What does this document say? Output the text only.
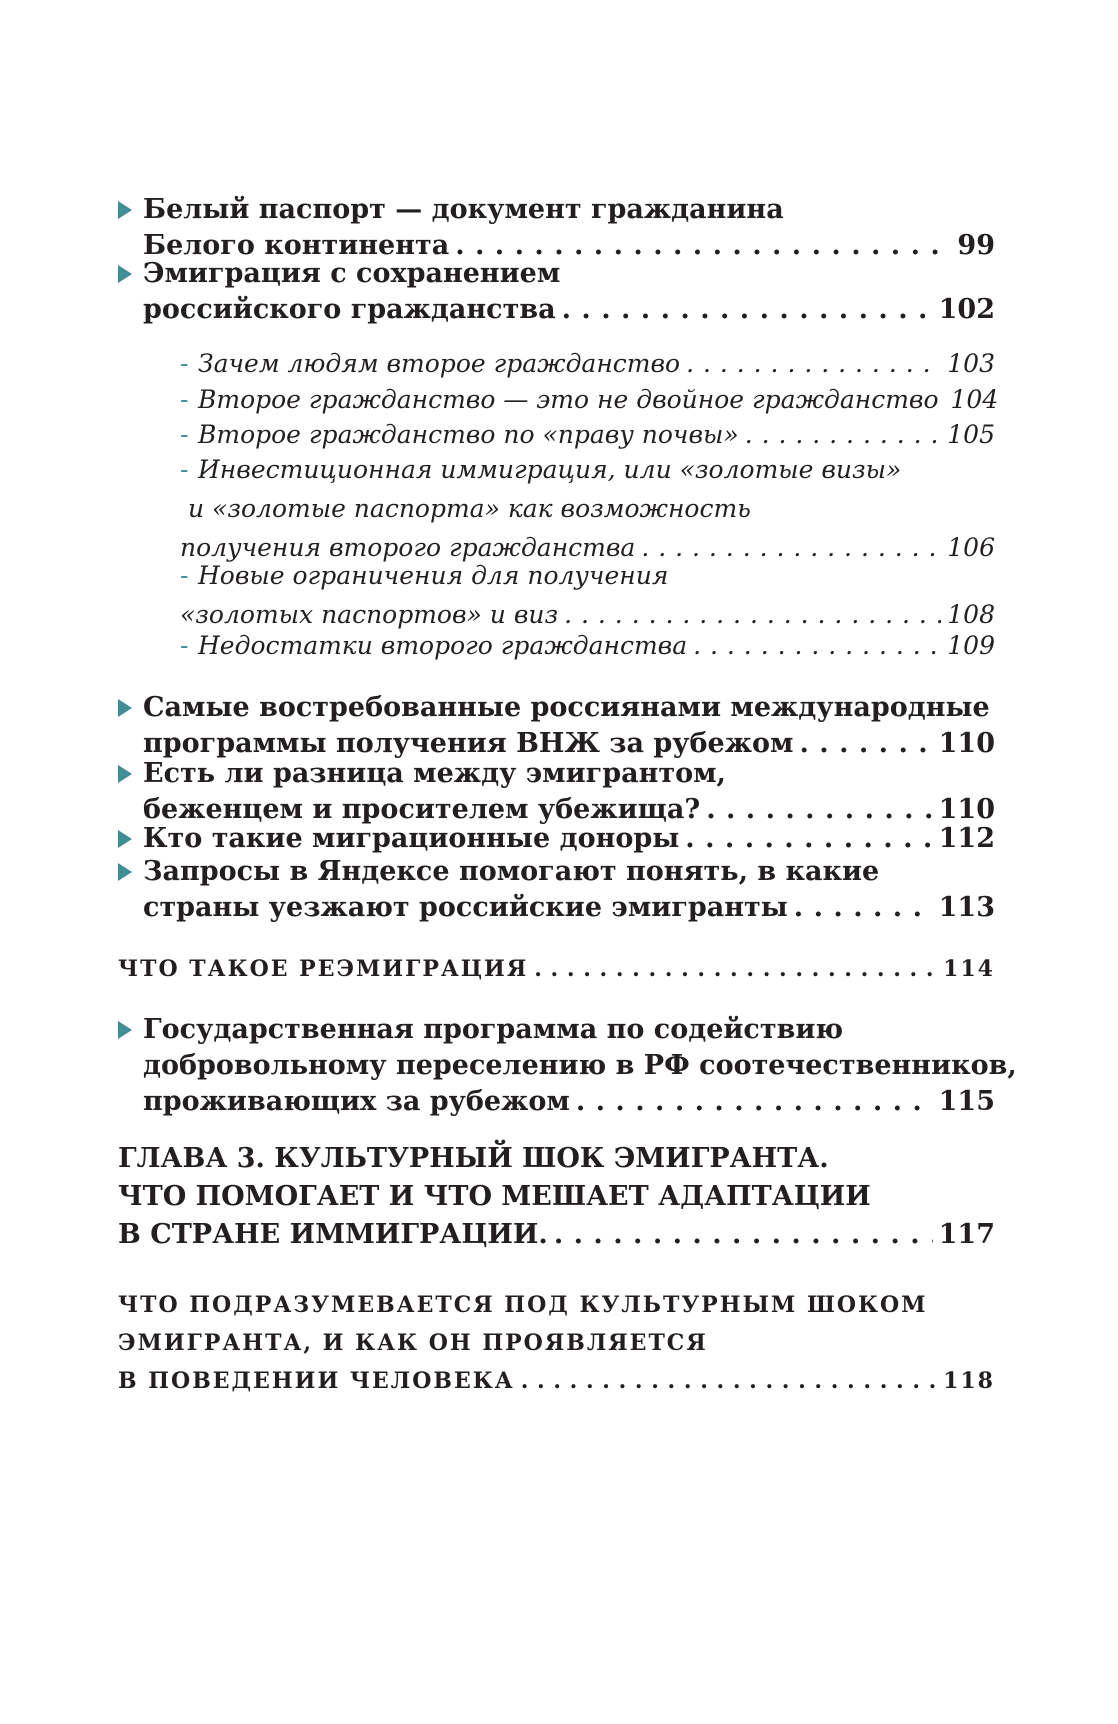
Белый паспорт — документ гражданина
Белого континента . . .	99
Эмиграция с сохранением
российского гражданства . . .	102
- Зачем людям второе гражданство . . .	103
- Второе гражданство — это не двойное гражданство 104
- Второе гражданство по «праву почвы» . . .	105
- Инвестиционная иммиграция, или «золотые визы»
и «золотые паспорта» как возможность
получения второго гражданства . . .	106
- Новые ограничения для получения
«золотых паспортов» и виз . . .	108
- Недостатки второго гражданства . . .	109
Самые востребованные россиянами международные
программы получения ВНЖ за рубежом . . .	110
Есть ли разница между эмигрантом,
беженцем и просителем убежища? . . .	110
Кто такие миграционные доноры . . .	112
Запросы в Яндексе помогают понять, в какие
страны уезжают российские эмигранты . . .	113
ЧТО ТАКОЕ РЕЭМИГРАЦИЯ . . .	114
Государственная программа по содействию
добровольному переселению в РФ соотечественников,
проживающих за рубежом . . .	115
ГЛАВА 3. КУЛЬТУРНЫЙ ШОК ЭМИГРАНТА.
ЧТО ПОМОГАЕТ И ЧТО МЕШАЕТ АДАПТАЦИИ
В СТРАНЕ ИММИГРАЦИИ. . . .	117
ЧТО ПОДРАЗУМЕВАЕТСЯ ПОД КУЛЬТУРНЫМ ШОКОМ
ЭМИГРАНТА, И КАК ОН ПРОЯВЛЯЕТСЯ
В ПОВЕДЕНИИ ЧЕЛОВЕКА . . .	118
